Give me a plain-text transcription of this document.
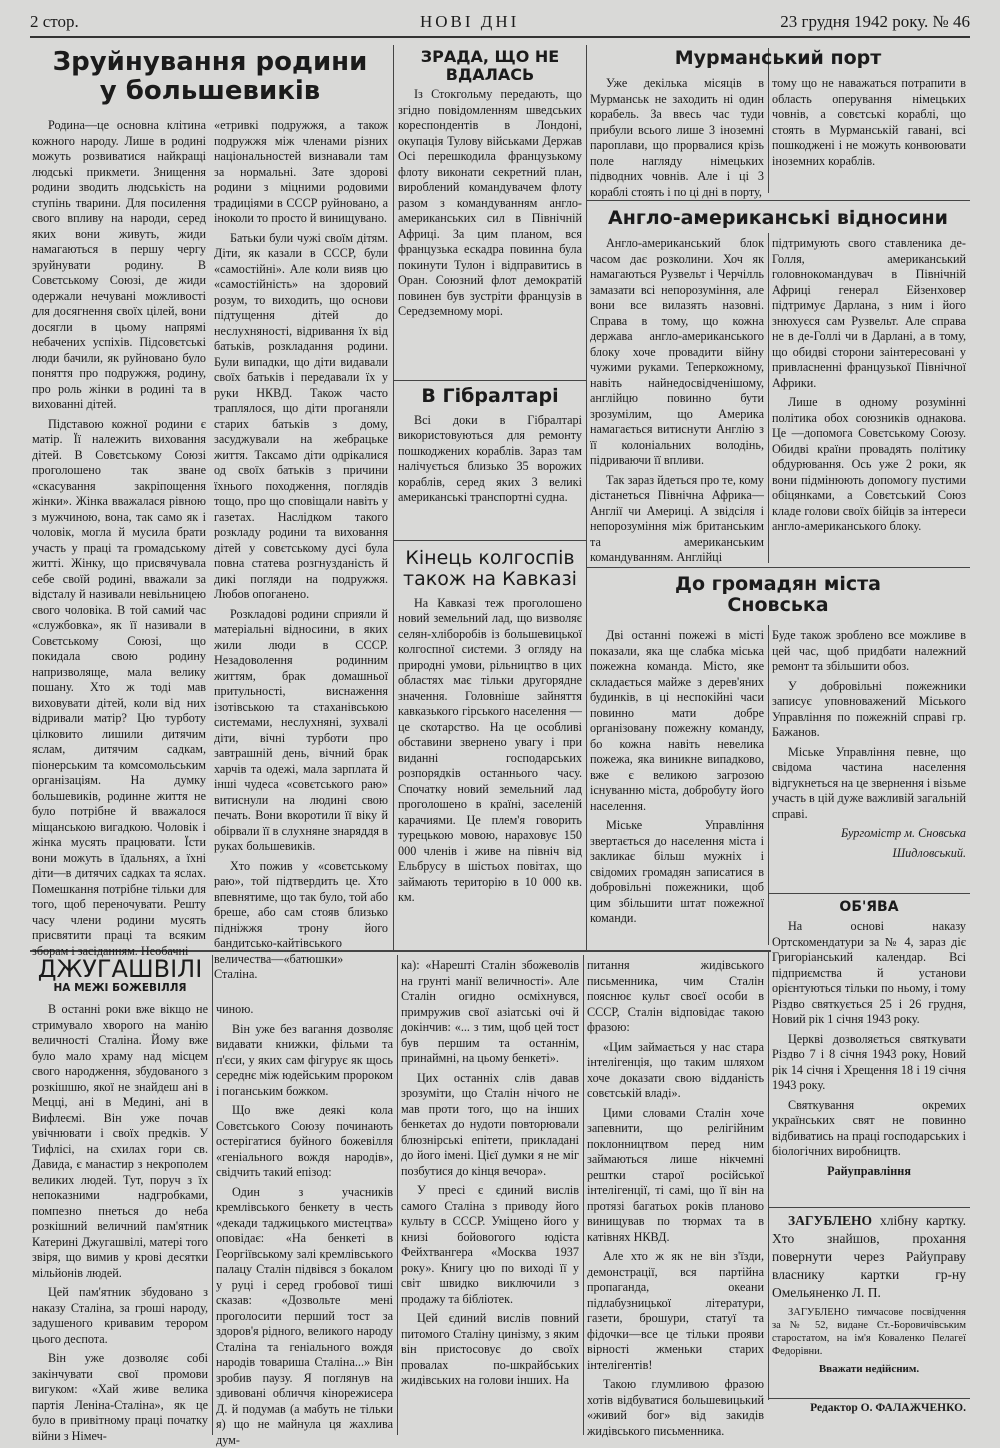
2 стор.	НОВІ ДНІ	23 грудня 1942 року. № 46
Зруйнування родини
у большевиків

Родина—це основна клітина кожного народу. Лише в родині можуть розвиватися найкращі людські прикмети. Знищення родини зводить людськість на ступінь тварини. Для посилення свого впливу на народи, серед яких вони живуть, жиди намагаються в першу чергу зруйнувати родину. В Совєтському Союзі, де жиди одержали нечувані можливості для досягнення своїх цілей, вони досягли в цьому напрямі небачених успіхів. Підсовєтські люди бачили, як руйновано було поняття про подружжя, родину, про роль жінки в родині та в вихованні дітей.

Підставою кожної родини є матір. Її належить виховання дітей. В Совєтському Союзі проголошено так зване «скасування закріпощення жінки». Жінка вважалася рівною з мужчиною, вона, так само як і чоловік, могла й мусила брати участь у праці та громадському житті. Жінку, що присвячувала себе своїй родині, вважали за відсталу й називали невільницею свого чоловіка. В той самий час «службовка», як її називали в Совєтському Союзі, що покидала свою родину напризволяще, мала велику пошану. Хто ж тоді мав виховувати дітей, коли від них відривали матір? Цю турботу цілковито лишили дитячим яслам, дитячим садкам, піонерським та комсомольським організаціям. На думку большевиків, родинне життя не було потрібне й вважалося міщанською вигадкою. Чоловік і жінка мусять працювати. Їсти вони можуть в їдальнях, а їхні діти—в дитячих садках та яслах. Помешкання потрібне тільки для того, щоб переночувати. Решту часу члени родини мусять присвятити праці та всяким зборам і засіданням. Необачні

«етривкі подружжя, а також подружжя між членами різних національностей визнавали там за нормальні. Зате здорові родини з міцними родовими традиціями в СССР руйновано, а іноколи то просто й винищувано.

Батьки були чужі своїм дітям. Діти, як казали в СССР, були «самостійні». Але коли вияв цю «самостійність» на здоровий розум, то виходить, що основи підтущення дітей до неслухняності, відривання їх від батьків, розкладання родини. Були випадки, що діти видавали своїх батьків і передавали їх у руки НКВД. Також часто траплялося, що діти проганяли старих батьків з дому, засуджували на жебрацьке життя. Таксамо діти одрікалися од своїх батьків з причини їхнього походження, поглядів тощо, про що сповіщали навіть у газетах. Наслідком такого розкладу родини та виховання дітей у совєтському дусі була повна статева розгнузданість й дикі погляди на подружжя. Любов опоганено.

Розкладові родини сприяли й матеріальні відносини, в яких жили люди в СССР. Незадоволення родинним життям, брак домашньої притульності, виснаження ізотівською та стаханівською системами, неслухняні, зухвалі діти, вічні турботи про завтрашній день, вічний брак харчів та одежі, мала зарплата й інші чудеса «совєтського раю» витиснули на людині свою печать. Вони вкоротили її віку й обірвали її в слухняне знаряддя в руках большевиків.

Хто пожив у «совєтському раю», той підтвердить це. Хто впевнятиме, що так було, той або бреше, або сам стояв близько підніжжя трону його бандитсько-кайтівського величества—«батюшки» Сталіна.

ЗРАДА, ЩО НЕ ВДАЛАСЬ

Із Стокгольму передають, що згідно повідомленням шведських кореспондентів в Лондоні, окупація Тулову військами Держав Осі перешкодила французькому флоту виконати секретний план, вироблений командувачем флоту разом з командуванням англо-американських сил в Північній Африці. За цим планом, вся французька ескадра повинна була покинути Тулон і відправитись в Оран. Союзний флот демократій повинен був зустріти французів в Середземному морі.

В Гібралтарі

Всі доки в Гібралтарі використовуються для ремонту пошкоджених кораблів. Зараз там налічується близько 35 ворожих кораблів, серед яких 3 великі американські транспортні судна.

Кінець колгоспів
також на Кавказі

На Кавказі теж проголошено новий земельний лад, що визволяє селян-хліборобів із большевицької колгоспної системи. З огляду на природні умови, рільництво в цих областях має тільки другорядне значення. Головніше зайняття кавказького гірського населення — це скотарство. На це особливі обставини звернено увагу і при виданні господарських розпорядків останнього часу. Спочатку новий земельний лад проголошено в країні, заселеній карачиями. Це плем'я говорить турецькою мовою, нараховує 150 000 членів і живе на північ від Ельбрусу в шістьох повітах, що займають територію в 10 000 кв. км.

Мурманський порт

Уже декілька місяців в Мурманськ не заходить ні один корабель. За ввесь час туди прибули всього лише 3 іноземні пароплави, що прорвалися крізь поле нагляду німецьких підводних човнів. Але і ці 3 кораблі стоять і по ці дні в порту,

тому що не наважаться потрапити в область оперування німецьких човнів, а совєтські кораблі, що стоять в Мурманській гавані, всі пошкоджені і не можуть конвоювати іноземних кораблів.

Англо-американські відносини

Англо-американський блок часом дає розколини. Хоч як намагаються Рузвельт і Черчілль замазати всі непорозуміння, але вони все вилазять назовні. Справа в тому, що кожна держава англо-американського блоку хоче провадити війну чужими руками. Теперкожному, навіть найнедосвідченішому, англійцю повинно бути зрозумілим, що Америка намагається витиснути Англію з її колоніальних володінь, підриваючи її впливи.

Так зараз йдеться про те, кому дістанеться Північна Африка—Англії чи Америці. А звідсіля і непорозуміння між британським та американським командуванням. Англійці

підтримують свого ставленика де-Голля, американський головнокомандувач в Північній Африці генерал Ейзенховер підтримує Дарлана, з ним і його знюхуєся сам Рузвельт. Але справа не в де-Голлі чи в Дарлані, а в тому, що обидві сторони заінтересовані у привласненні французької Північної Африки.

Лише в одному розумінні політика обох союзників однакова. Це —допомога Совєтському Союзу. Обидві країни провадять політику обдурювання. Ось уже 2 роки, як вони підмінюють допомогу пустими обіцянками, а Совєтський Союз кладе голови своїх бійців за інтереси англо-американського блоку.

До громадян міста
Сновська

Дві останні пожежі в місті показали, яка ще слабка міська пожежна команда. Місто, яке складається майже з дерев'яних будинків, в ці неспокійні часи повинно мати добре організовану пожежну команду, бо кожна навіть невелика пожежа, яка виникне випадково, вже є великою загрозою існуванню міста, добробуту його населення.

Міське Управління звертається до населення міста і закликає більш мужніх і свідомих громадян записатися в добровільні пожежники, щоб цим збільшити штат пожежної команди.

Буде також зроблено все можливе в цей час, щоб придбати належний ремонт та збільшити обоз.

У добровільні пожежники записує уповноважений Міського Управління по пожежній справі гр. Бажанов.

Міське Управління певне, що свідома частина населення відгукнеться на це звернення і візьме участь в цій дуже важливій загальній справі.

Бургомістр м. Сновська

Шидловський.

ОБ'ЯВА

На основі наказу Ортскомендатури за № 4, зараз діє Григоріанський календар. Всі підприємства й установи орієнтуються тільки по ньому, і тому Різдво святкується 25 і 26 грудня, Новий рік 1 січня 1943 року.

Церкві дозволяється святкувати Різдво 7 і 8 січня 1943 року, Новий рік 14 січня і Хрещення 18 і 19 січня 1943 року.

Святкування окремих українських свят не повинно відбиватись на праці господарських і біологічних виробництв.

Райуправління

ЗАГУБЛЕНО хлібну картку. Хто знайшов, прохання повернути через Райуправу власнику картки гр-ну Омельяненко Л. П.

ЗАГУБЛЕНО тимчасове посвідчення за № 52, видане Ст.-Боровичівським старостатом, на ім'я Коваленко Пелагеї Федорівни.

Вважати недійсним.

Редактор О. ФАЛАЖЧЕНКО.
ДЖУГАШВІЛІ
НА МЕЖІ БОЖЕВІЛЛЯ

В останні роки вже вікщо не стримувало хворого на манію величності Сталіна. Йому вже було мало храму над місцем свого народження, збудованого з розкішшю, якої не знайдеш ані в Мецці, ані в Медині, ані в Вифлеємі. Він уже почав увічнювати і своїх предків. У Тифлісі, на схилах гори св. Давида, є манастир з некрополем великих людей. Тут, поруч з їх непоказними надгробками, помпезно пнеться до неба розкішний величний пам'ятник Катерині Джугашвілі, матері того звіря, що вимив у крові десятки мільйонів людей.

Цей пам'ятник збудовано з наказу Сталіна, за гроші народу, задушеного кривавим терором цього деспота.

Він уже дозволяє собі закінчувати свої промови вигуком: «Хай живе велика партія Леніна-Сталіна», як це було в привітному праці початку війни з Німеч-

чиною.

Він уже без вагання дозволяє видавати книжки, фільми та п'єси, у яких сам фігурує як щось середнє між юдейським пророком і поганським божком.

Що вже деякі кола Совєтського Союзу починають остерігатися буйного божевілля «геніального вождя народів», свідчить такий епізод:

Один з учасників кремлівського бенкету в честь «декади таджицького мистецтва» оповідає: «На бенкеті в Георгіївському залі кремлівського палацу Сталін підвівся з бокалом у руці і серед гробової тиші сказав: «Дозвольте мені проголосити перший тост за здоров'я рідного, великого народу Сталіна та геніального вождя народів товариша Сталіна...» Він зробив паузу. Я поглянув на здивовані обличчя кінорежисера Д. й подумав (а мабуть не тільки я) що не майнула ця жахлива дум-

ка): «Нарешті Сталін збожеволів на грунті манії величності». Але Сталін огидно осміхнувся, примружив свої азіатські очі й докінчив: «... з тим, щоб цей тост був першим та останнім, принаймні, на цьому бенкеті».

Цих останніх слів давав зрозуміти, що Сталін нічого не мав проти того, що на інших бенкетах до нудоти повторювали блюзнірські епітети, прикладані до його імені. Цієї думки я не міг позбутися до кінця вечора».

У пресі є єдиний вислів самого Сталіна з приводу його культу в СССР. Уміщено його у книзі бойовогого юдіста Фейхтвангера «Москва 1937 року». Книгу цю по виході її у світ швидко виключили з продажу та бібліотек.

Цей єдиний вислів повний питомого Сталіну цинізму, з яким він пристосовує до своїх провалах по-шкрайбських жидівських на голови інших. На

питання жидівського письменника, чим Сталін пояснює культ своєї особи в СССР, Сталін відповідає такою фразою:

«Цим займається у нас стара інтелігенція, що таким шляхом хоче доказати свою відданість совєтській владі».

Цими словами Сталін хоче запевнити, що релігійним поклонництвом перед ним займаються лише нікчемні рештки старої російської інтелігенції, ті самі, що її він на протязі багатьох років планово винищував по тюрмах та в катівнях НКВД.

Але хто ж як не він з'їзди, демонстрації, вся партійна пропаганда, океани підлабузницької літератури, газети, брошури, статуї та фідочки—все це тільки прояви вірності жменьки старих інтелігентів!

Такою глумливою фразою хотів відбуватися большевицький «живий бог» від закидів жидівського письменника.
